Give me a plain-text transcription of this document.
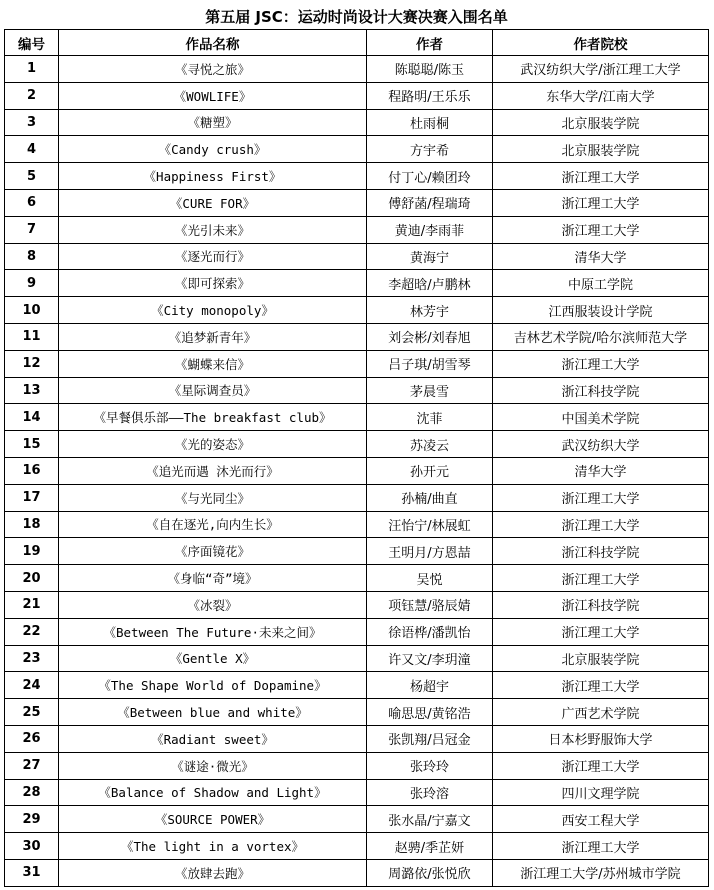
第五届 JSC：运动时尚设计大赛决赛入围名单			
编号	作品名称	作者	作者院校
1	《寻悦之旅》	陈聪聪/陈玉	武汉纺织大学/浙江理工大学
2	《WOWLIFE》	程路明/王乐乐	东华大学/江南大学
3	《糖塑》	杜雨桐	北京服装学院
4	《Candy crush》	方宇希	北京服装学院
5	《Happiness First》	付丁心/赖团玲	浙江理工大学
6	《CURE FOR》	傅舒菡/程瑞琦	浙江理工大学
7	《光引未来》	黄迪/李雨菲	浙江理工大学
8	《逐光而行》	黄海宁	清华大学
9	《即可探索》	李超晗/卢鹏林	中原工学院
10	《City monopoly》	林芳宇	江西服装设计学院
11	《追梦新青年》	刘会彬/刘春旭	吉林艺术学院/哈尔滨师范大学
12	《蝴蝶来信》	吕子琪/胡雪琴	浙江理工大学
13	《星际调查员》	茅晨雪	浙江科技学院
14	《早餐俱乐部——The breakfast club》	沈菲	中国美术学院
15	《光的姿态》	苏凌云	武汉纺织大学
16	《追光而遇 沐光而行》	孙开元	清华大学
17	《与光同尘》	孙楠/曲直	浙江理工大学
18	《自在逐光,向内生长》	汪怡宁/林展虹	浙江理工大学
19	《序面镜花》	王明月/方恩喆	浙江科技学院
20	《身临“奇”境》	吴悦	浙江理工大学
21	《冰裂》	项钰慧/骆辰婧	浙江科技学院
22	《Between The Future·未来之间》	徐语桦/潘凯怡	浙江理工大学
23	《Gentle X》	许又文/李玥潼	北京服装学院
24	《The Shape World of Dopamine》	杨超宇	浙江理工大学
25	《Between blue and white》	喻思思/黄铭浩	广西艺术学院
26	《Radiant sweet》	张凯翔/吕冠金	日本杉野服饰大学
27	《谜途·微光》	张玲玲	浙江理工大学
28	《Balance of Shadow and Light》	张玲溶	四川文理学院
29	《SOURCE POWER》	张水晶/宁嘉文	西安工程大学
30	《The light in a vortex》	赵骋/季芷妍	浙江理工大学
31	《放肆去跑》	周潞依/张悦欣	浙江理工大学/苏州城市学院
